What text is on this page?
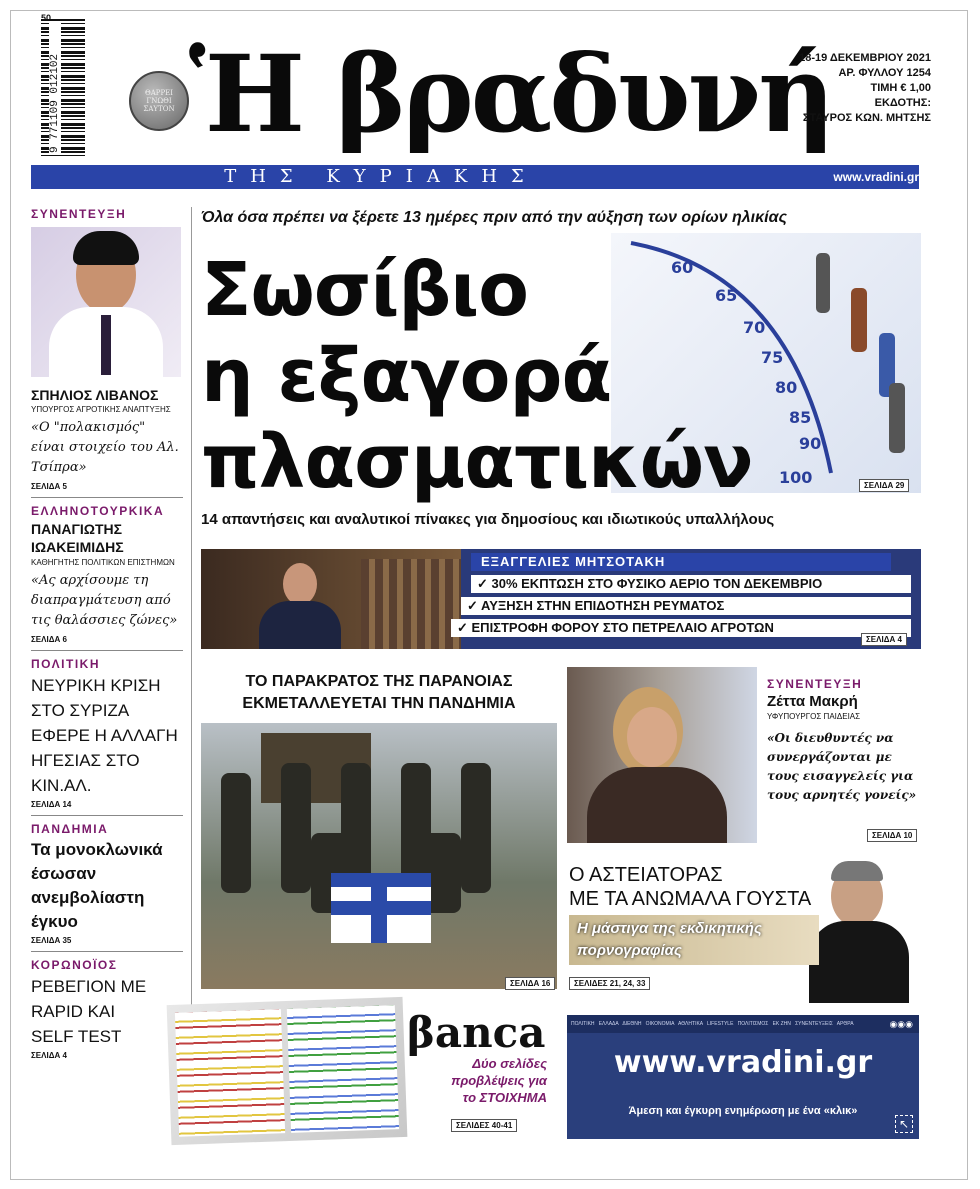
9 771109 012102
50
ΘΑΡΡΕΙ ΓΝΩΘΙ ΣΑΥΤΟΝ Ἡ βραδυνή
18-19 ΔΕΚΕΜΒΡΙΟΥ 2021
ΑΡ. ΦΥΛΛΟΥ 1254
ΤΙΜΗ € 1,00
ΕΚΔΟΤΗΣ:
ΣΤΑΥΡΟΣ ΚΩΝ. ΜΗΤΣΗΣ
ΤΗΣ ΚΥΡΙΑΚΗΣ	www.vradini.gr
ΣΥΝΕΝΤΕΥΞΗ
ΣΠΗΛΙΟΣ ΛΙΒΑΝΟΣ
ΥΠΟΥΡΓΟΣ ΑΓΡΟΤΙΚΗΣ ΑΝΑΠΤΥΞΗΣ
«Ο "πολακισμός" είναι στοιχείο του Αλ. Τσίπρα»
ΣΕΛΙΔΑ 5
ΕΛΛΗΝΟΤΟΥΡΚΙΚΑ
ΠΑΝΑΓΙΩΤΗΣ ΙΩΑΚΕΙΜΙΔΗΣ
ΚΑΘΗΓΗΤΗΣ ΠΟΛΙΤΙΚΩΝ ΕΠΙΣΤΗΜΩΝ
«Ας αρχίσουμε τη διαπραγμάτευση από τις θαλάσσιες ζώνες»
ΣΕΛΙΔΑ 6
ΠΟΛΙΤΙΚΗ
ΝΕΥΡΙΚΗ ΚΡΙΣΗ ΣΤΟ ΣΥΡΙΖΑ ΕΦΕΡΕ Η ΑΛΛΑΓΗ ΗΓΕΣΙΑΣ ΣΤΟ ΚΙΝ.ΑΛ.
ΣΕΛΙΔΑ 14
ΠΑΝΔΗΜΙΑ
Τα μονοκλωνικά έσωσαν ανεμβολίαστη έγκυο
ΣΕΛΙΔΑ 35
ΚΟΡΩΝΟΪΟΣ
ΡΕΒΕΓΙΟΝ ΜΕ RAPID ΚΑΙ SELF TEST
ΣΕΛΙΔΑ 4
Όλα όσα πρέπει να ξέρετε 13 ημέρες πριν από την αύξηση των ορίων ηλικίας
60
65
70
75
80
85
90
100
Σωσίβιο
η εξαγορά
πλασματικών	ΣΕΛΙΔΑ 29
14 απαντήσεις και αναλυτικοί πίνακες για δημοσίους και ιδιωτικούς υπαλλήλους
ΕΞΑΓΓΕΛΙΕΣ ΜΗΤΣΟΤΑΚΗ
✓ 30% ΕΚΠΤΩΣΗ ΣΤΟ ΦΥΣΙΚΟ ΑΕΡΙΟ ΤΟΝ ΔΕΚΕΜΒΡΙΟ
✓ ΑΥΞΗΣΗ ΣΤΗΝ ΕΠΙΔΟΤΗΣΗ ΡΕΥΜΑΤΟΣ
✓ ΕΠΙΣΤΡΟΦΗ ΦΟΡΟΥ ΣΤΟ ΠΕΤΡΕΛΑΙΟ ΑΓΡΟΤΩΝ
ΣΕΛΙΔΑ 4
ΤΟ ΠΑΡΑΚΡΑΤΟΣ ΤΗΣ ΠΑΡΑΝΟΙΑΣ
ΕΚΜΕΤΑΛΛΕΥΕΤΑΙ ΤΗΝ ΠΑΝΔΗΜΙΑ
ΣΕΛΙΔΑ 16
ΣΥΝΕΝΤΕΥΞΗ
Ζέττα Μακρή
ΥΦΥΠΟΥΡΓΟΣ ΠΑΙΔΕΙΑΣ
«Οι διευθυντές να συνεργάζονται με τους εισαγγελείς για τους αρνητές γονείς»
ΣΕΛΙΔΑ 10
Ο ΑΣΤΕΙΑΤΟΡΑΣ
ΜΕ ΤΑ ΑΝΩΜΑΛΑ ΓΟΥΣΤΑ
Η μάστιγα της εκδικητικής
πορνογραφίας
ΣΕΛΙΔΕΣ 21, 24, 33
βanca
Δύο σελίδες
προβλέψεις για
το ΣΤΟΙΧΗΜΑ
ΣΕΛΙΔΕΣ 40-41
ΠΟΛΙΤΙΚΗ   ΕΛΛΑΔΑ   ΔΙΕΘΝΗ   ΟΙΚΟΝΟΜΙΑ   ΑΘΛΗΤΙΚΑ   LIFESTYLE   ΠΟΛΙΤΙΣΜΟΣ   ΕΚ ΖΗΝ   ΣΥΝΕΝΤΕΥΞΕΙΣ   ΑΡΘΡΑ	◉◉◉
www.vradini.gr
Άμεση και έγκυρη ενημέρωση με ένα «κλικ»
↖
